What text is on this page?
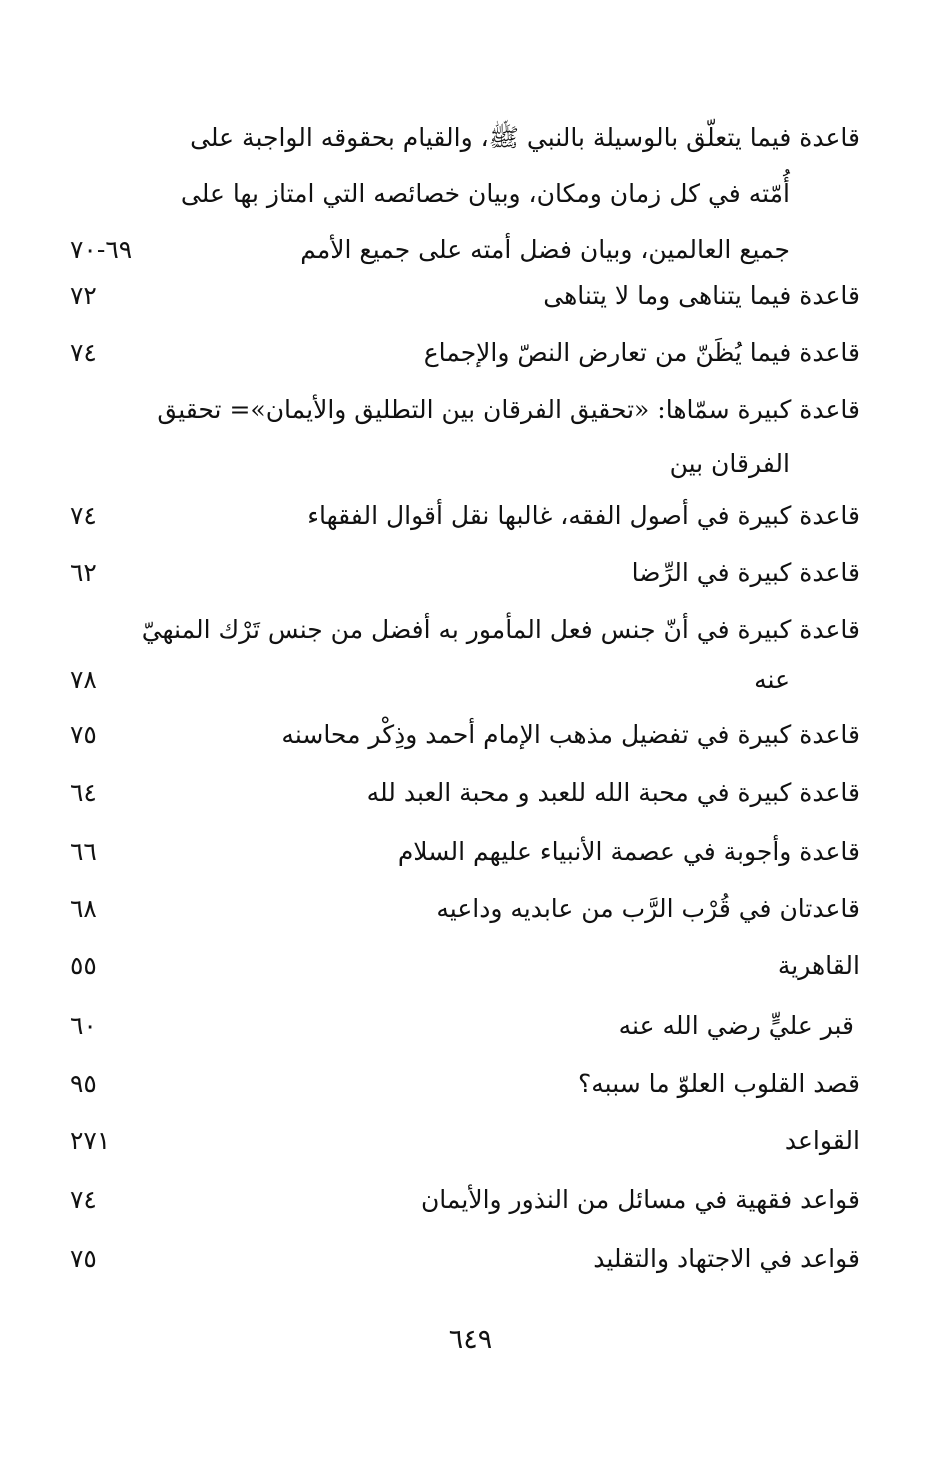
قاعدة فيما يتعلّق بالوسيلة بالنبي ﷺ، والقيام بحقوقه الواجبة على
أُمّته في كل زمان ومكان، وبيان خصائصه التي امتاز بها على
جميع العالمين، وبيان فضل أمته على جميع الأمم
٦٩-٧٠
قاعدة فيما يتناهى وما لا يتناهى
٧٢
قاعدة فيما يُظَنّ من تعارض النصّ والإجماع
٧٤
قاعدة كبيرة سمّاها: «تحقيق الفرقان بين التطليق والأيمان»= تحقيق
الفرقان بين
قاعدة كبيرة في أصول الفقه، غالبها نقل أقوال الفقهاء
٧٤
قاعدة كبيرة في الرِّضا
٦٢
قاعدة كبيرة في أنّ جنس فعل المأمور به أفضل من جنس تَرْك المنهيّ
عنه
٧٨
قاعدة كبيرة في تفضيل مذهب الإمام أحمد وذِكْر محاسنه
٧٥
قاعدة كبيرة في محبة الله للعبد و محبة العبد لله
٦٤
قاعدة وأجوبة في عصمة الأنبياء عليهم السلام
٦٦
قاعدتان في قُرْب الرَّب من عابديه وداعيه
٦٨
القاهرية
٥٥
قبر عليٍّ رضي الله عنه
٦٠
قصد القلوب العلوّ ما سببه؟
٩٥
القواعد
٢٧١
قواعد فقهية في مسائل من النذور والأيمان
٧٤
قواعد في الاجتهاد والتقليد
٧٥
٦٤٩
